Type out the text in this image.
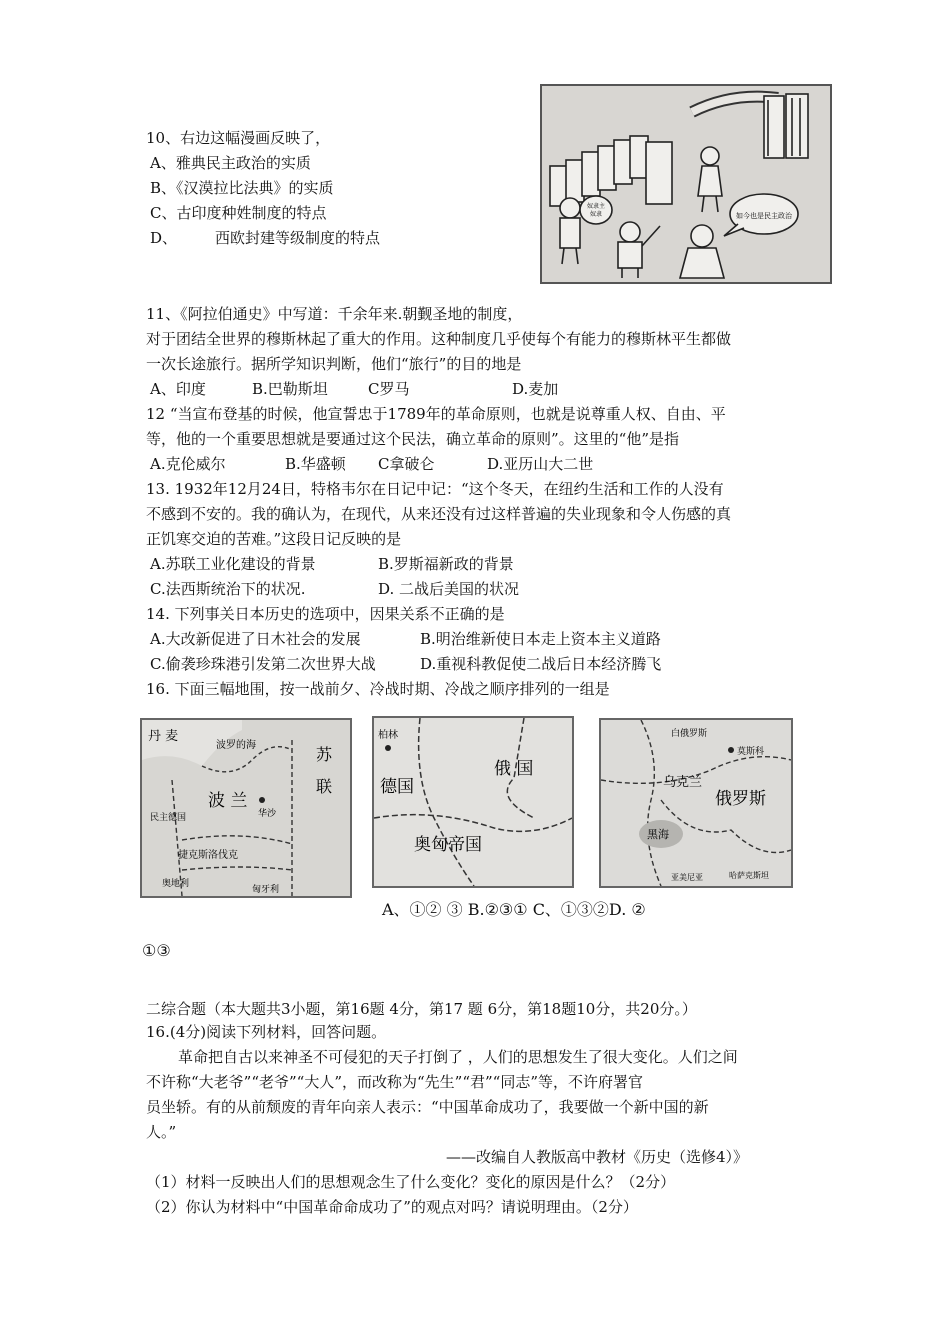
10、右边这幅漫画反映了，
A、雅典民主政治的实质
B、《汉漠拉比法典》的实质
C、古印度种姓制度的特点
D、	西欧封建等级制度的特点
奴隶主
奴隶	如今也是民主政治
11、《阿拉伯通史》中写道：千余年来.朝觐圣地的制度，
对于团结全世界的穆斯林起了重大的作用。这种制度几乎使每个有能力的穆斯林平生都做
一次长途旅行。据所学知识判断，他们“旅行”的目的地是
A、印度	B.巴勒斯坦	C罗马	D.麦加
12 “当宣布登基的时候，他宣誓忠于1789年的革命原则，也就是说尊重人权、自由、平
等，他的一个重要思想就是要通过这个民法，确立革命的原则”。这里的“他”是指
A.克伦威尔	B.华盛顿 C拿破仑	D.亚历山大二世
13. 1932年12月24日，特格韦尔在日记中记：“这个冬天，在纽约生活和工作的人没有
不感到不安的。我的确认为，在现代，从来还没有过这样普遍的失业现象和令人伤感的真
正饥寒交迫的苦难。”这段日记反映的是
A.苏联工业化建设的背景	B.罗斯福新政的背景
C.法西斯统治下的状况.	D. 二战后美国的状况
14. 下列事关日本历史的选项中，因果关系不正确的是
A.大改新促进了日木社会的发展	B.明治维新使日本走上资本主义道路
C.偷袭珍珠港引发第二次世界大战	D.重视科教促使二战后日本经济腾飞
16. 下面三幅地围，按一战前夕、冷战时期、冷战之顺序排列的一组是
丹 麦
波罗的海	苏
联
民主德国
波 兰
华沙
捷克斯洛伐克
奥地利
匈牙利
柏林
德国
俄 国
奥匈帝国
白俄罗斯
莫斯科
乌克兰
俄罗斯
黑海
亚美尼亚	哈萨克斯坦
A、①② ③ B.②③① C、①③②D. ②
①③
二综合题（本大题共3小题，第16题 4分，第17 题 6分，第18题10分，共20分。）
16.(4分)阅读下列材料，回答问题。
革命把自古以来神圣不可侵犯的天子打倒了 ，人们的思想发生了很大变化。人们之间
不许称“大老爷”“老爷”“大人”，而改称为“先生”“君”“同志”等，不许府署官
员坐轿。有的从前颓废的青年向亲人表示：“中国革命成功了，我要做一个新中国的新
人。”
——改编自人教版高中教材《历史（选修4）》
（1）材料一反映出人们的思想观念生了什么变化？变化的原因是什么？（2分）
（2）你认为材料中“中国革命命成功了”的观点对吗？请说明理由。（2分）
